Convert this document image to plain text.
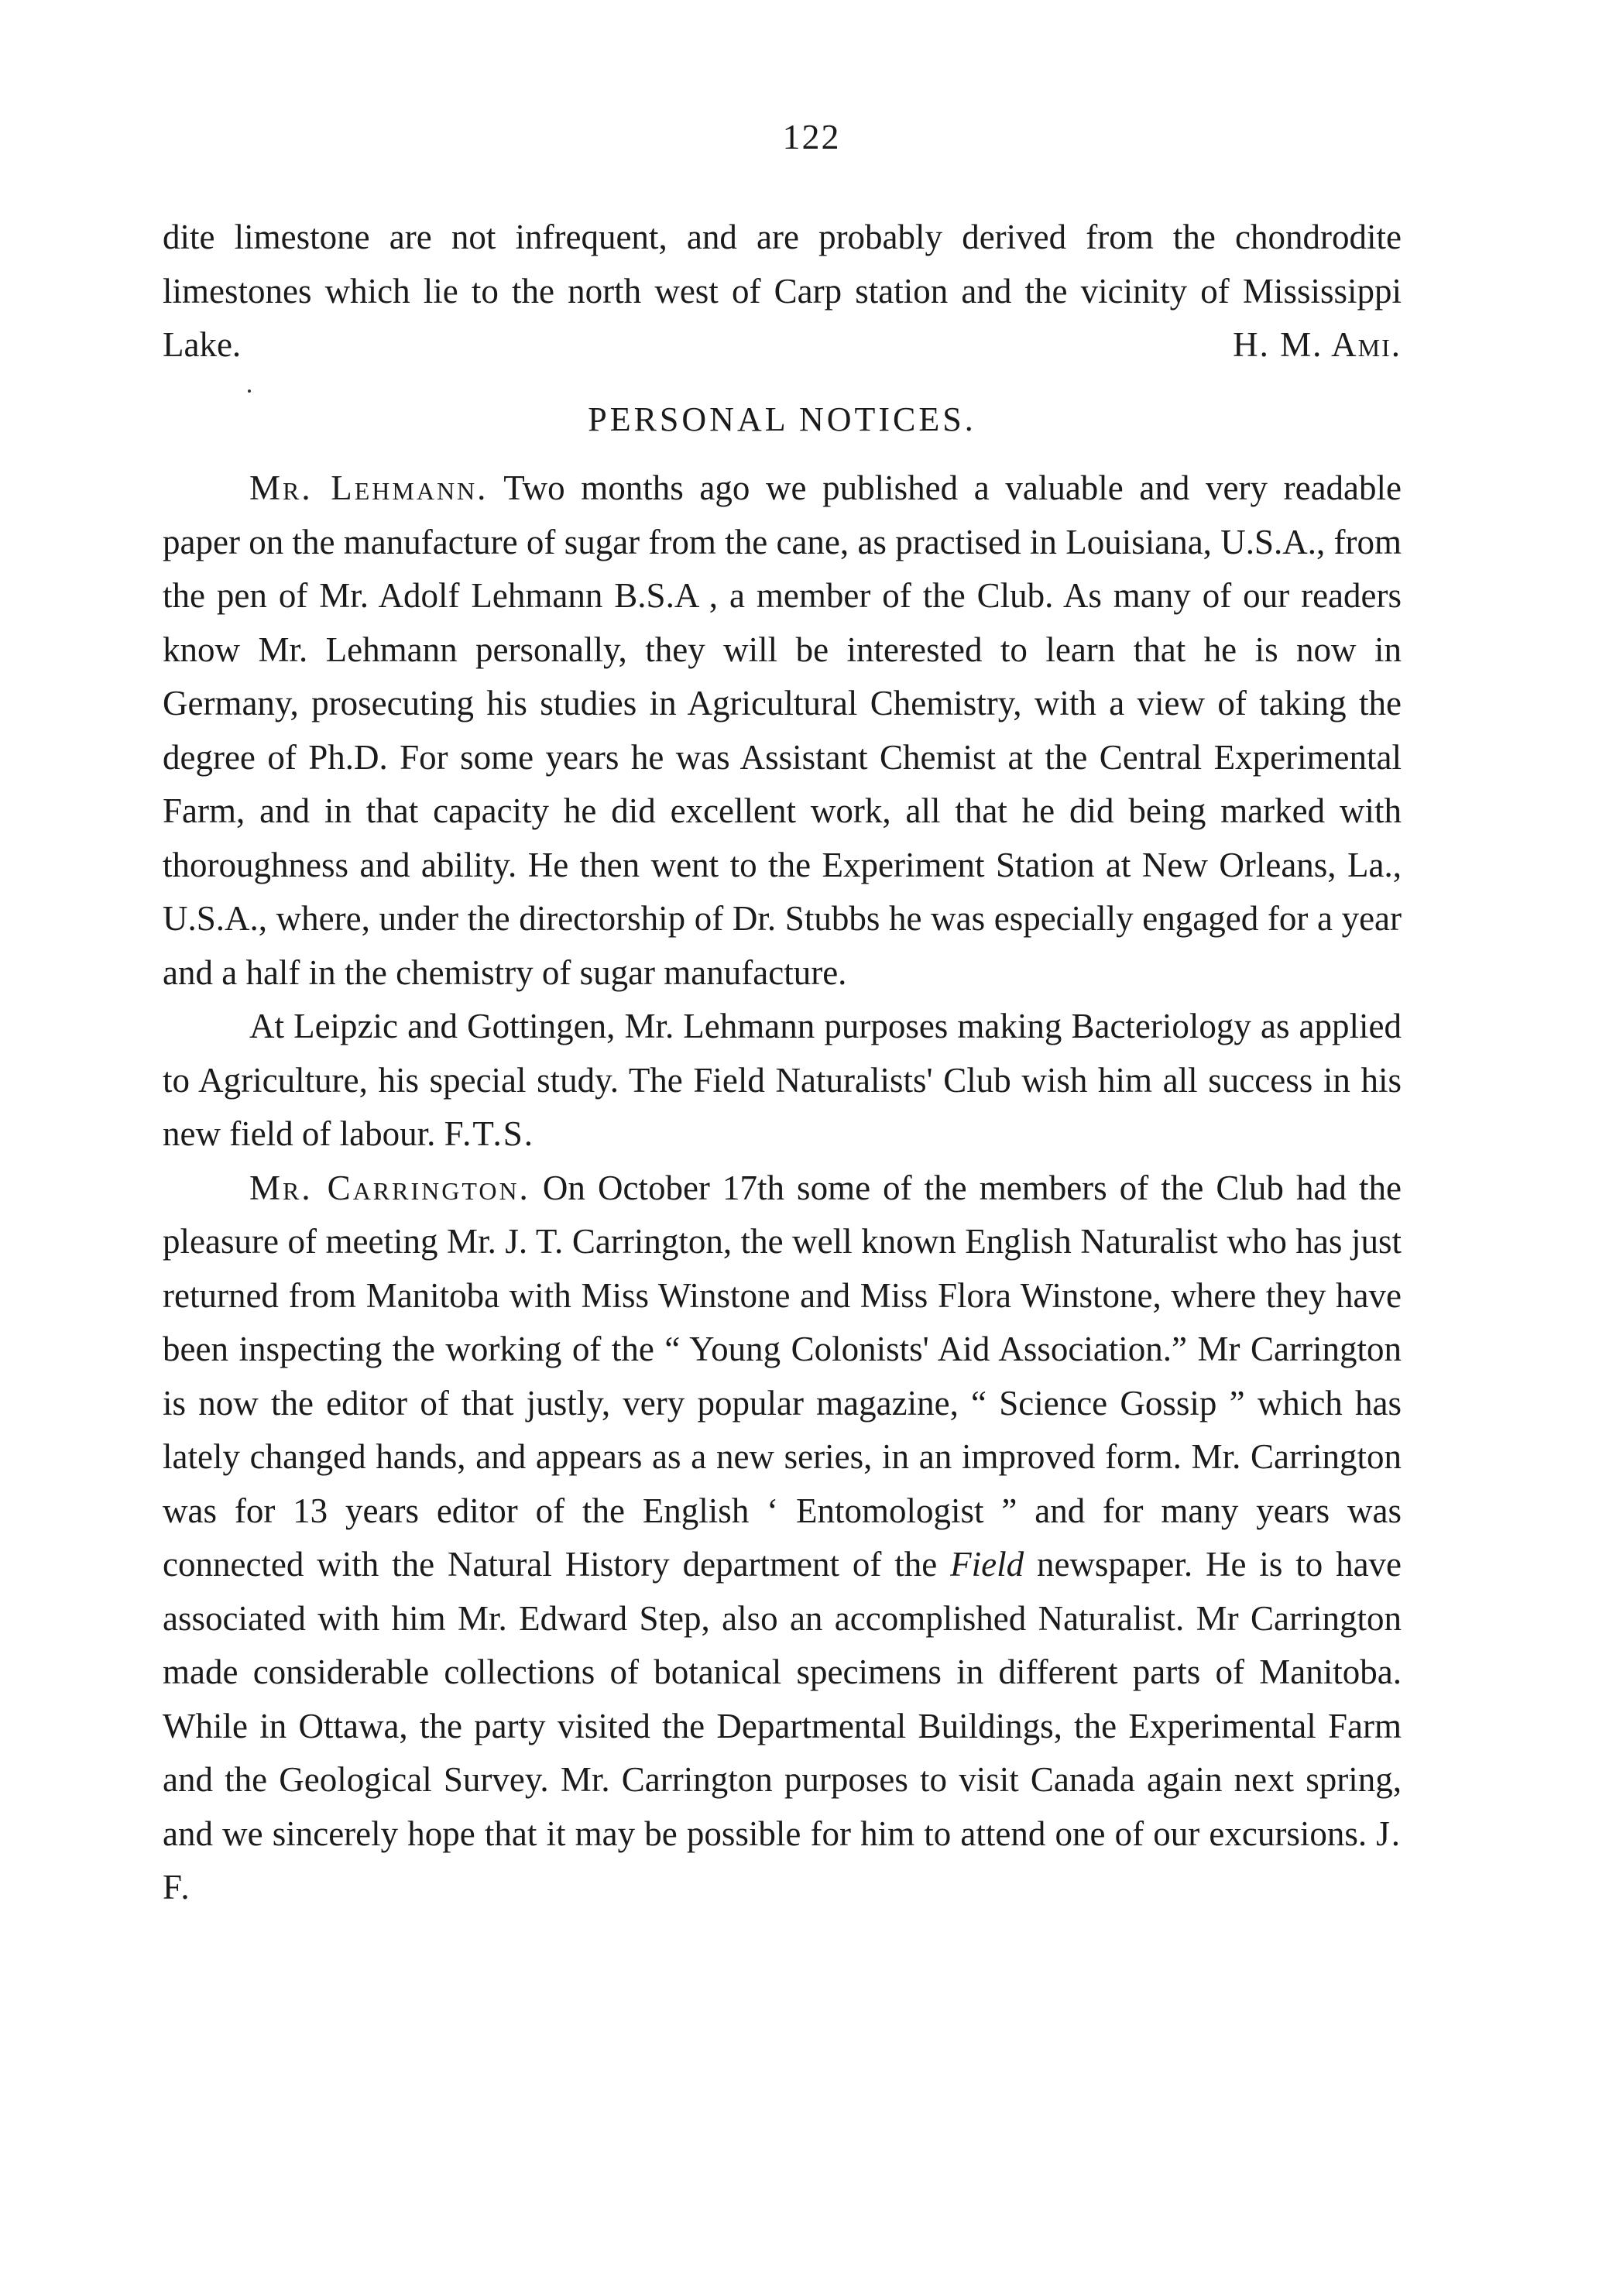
122

dite limestone are not infrequent, and are probably derived from the chondrodite limestones which lie to the north west of Carp station and the vicinity of Mississippi Lake.	H. M. Ami.

PERSONAL NOTICES.

Mr. Lehmann. Two months ago we published a valuable and very readable paper on the manufacture of sugar from the cane, as practised in Louisiana, U.S.A., from the pen of Mr. Adolf Lehmann B.S.A , a member of the Club. As many of our readers know Mr. Lehmann personally, they will be interested to learn that he is now in Germany, prosecuting his studies in Agricultural Chemistry, with a view of taking the degree of Ph.D. For some years he was Assistant Chemist at the Central Experimental Farm, and in that capacity he did excellent work, all that he did being marked with thoroughness and ability. He then went to the Experiment Station at New Orleans, La., U.S.A., where, under the directorship of Dr. Stubbs he was especially engaged for a year and a half in the chemistry of sugar manufacture.

At Leipzic and Gottingen, Mr. Lehmann purposes making Bacteriology as applied to Agriculture, his special study. The Field Naturalists' Club wish him all success in his new field of labour. F.T.S.

Mr. Carrington. On October 17th some of the members of the Club had the pleasure of meeting Mr. J. T. Carrington, the well known English Naturalist who has just returned from Manitoba with Miss Winstone and Miss Flora Winstone, where they have been inspecting the working of the “ Young Colonists' Aid Association.” Mr Carrington is now the editor of that justly, very popular magazine, “ Science Gossip ” which has lately changed hands, and appears as a new series, in an improved form. Mr. Carrington was for 13 years editor of the English ‘ Entomologist ” and for many years was connected with the Natural History department of the Field newspaper. He is to have associated with him Mr. Edward Step, also an accomplished Naturalist. Mr Carrington made considerable collections of botanical specimens in different parts of Manitoba. While in Ottawa, the party visited the Departmental Buildings, the Experimental Farm and the Geological Survey. Mr. Carrington purposes to visit Canada again next spring, and we sincerely hope that it may be possible for him to attend one of our excursions. J. F.
